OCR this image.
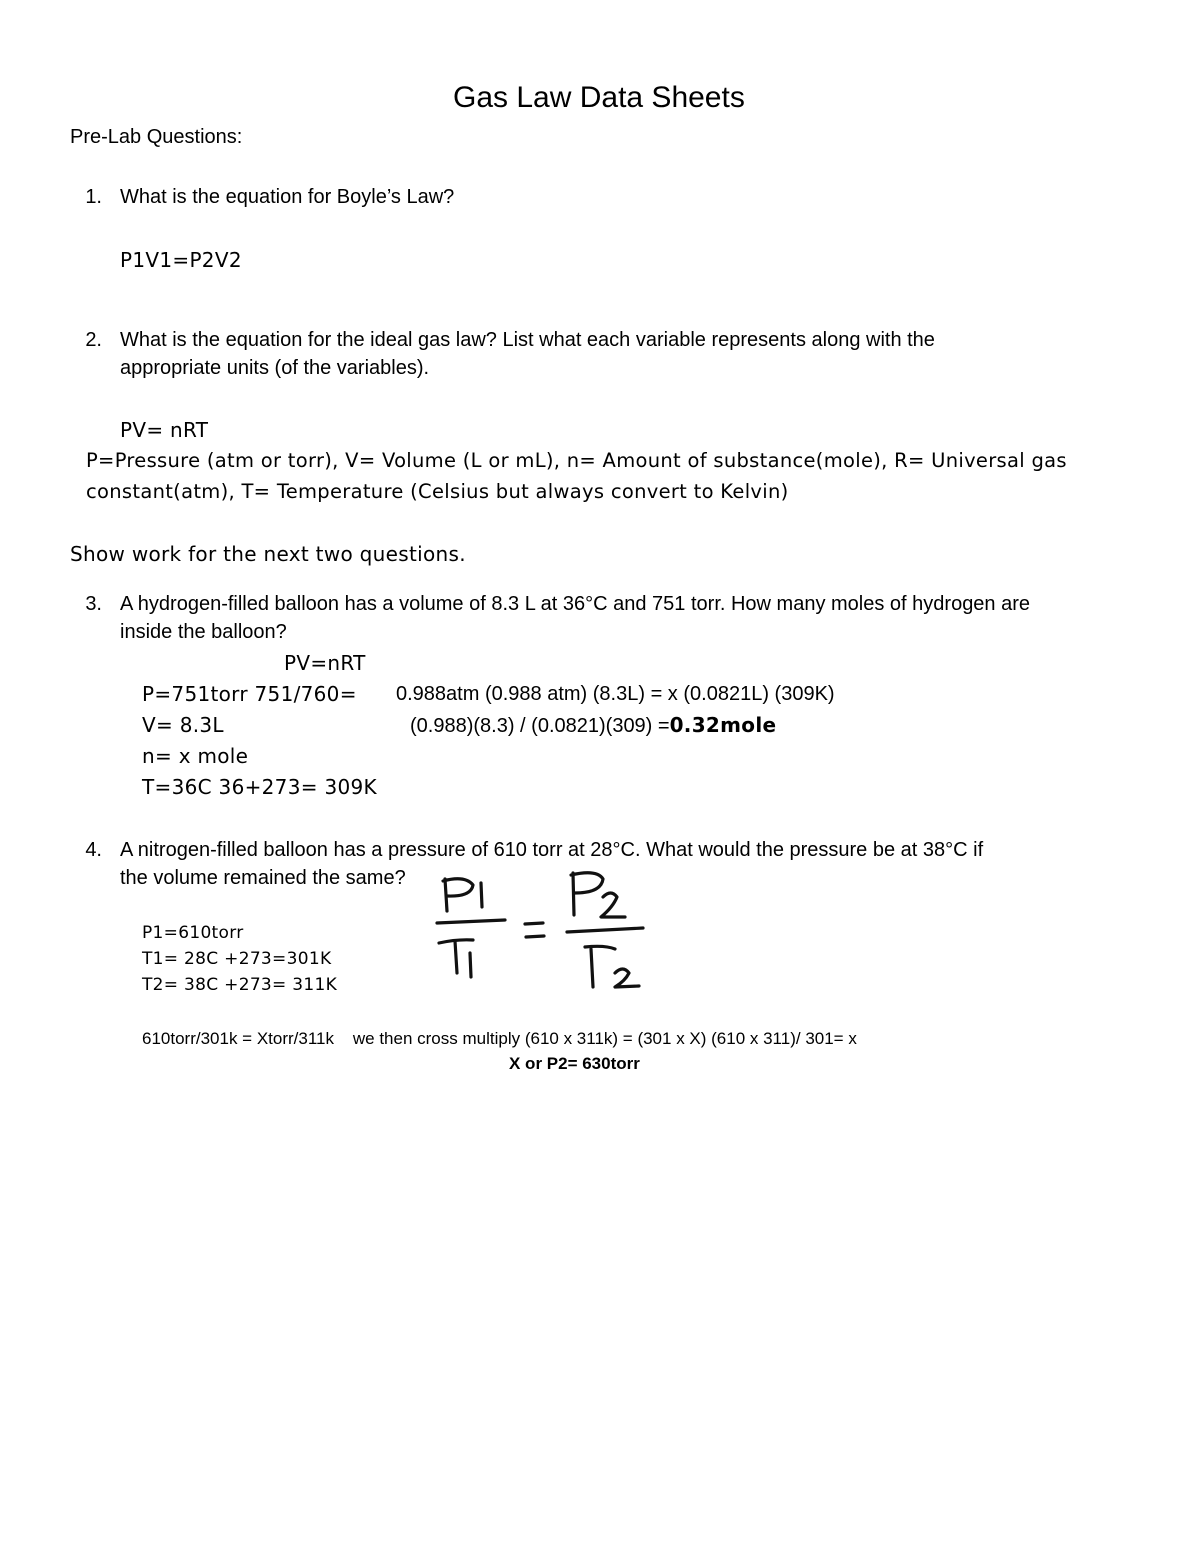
Gas Law Data Sheets
Pre-Lab Questions:
1. What is the equation for Boyle’s Law?
P1V1=P2V2
2. What is the equation for the ideal gas law? List what each variable represents along with the
appropriate units (of the variables).
PV= nRT
P=Pressure (atm or torr), V= Volume (L or mL), n= Amount of substance(mole), R= Universal gas
constant(atm), T= Temperature (Celsius but always convert to Kelvin)
Show work for the next two questions.
3. A hydrogen-filled balloon has a volume of 8.3 L at 36°C and 751 torr. How many moles of hydrogen are
inside the balloon?
PV=nRT
P=751torr 751/760= 0.988atm (0.988 atm) (8.3L) = x (0.0821L) (309K)
V= 8.3L	(0.988)(8.3) / (0.0821)(309) =0.32mole
n= x mole
T=36C 36+273= 309K
4. A nitrogen-filled balloon has a pressure of 610 torr at 28°C. What would the pressure be at 38°C if
the volume remained the same?
P1=610torr
T1= 28C +273=301K
T2= 38C +273= 311K
610torr/301k = Xtorr/311k    we then cross multiply (610 x 311k) = (301 x X) (610 x 311)/ 301= x
X or P2= 630torr
